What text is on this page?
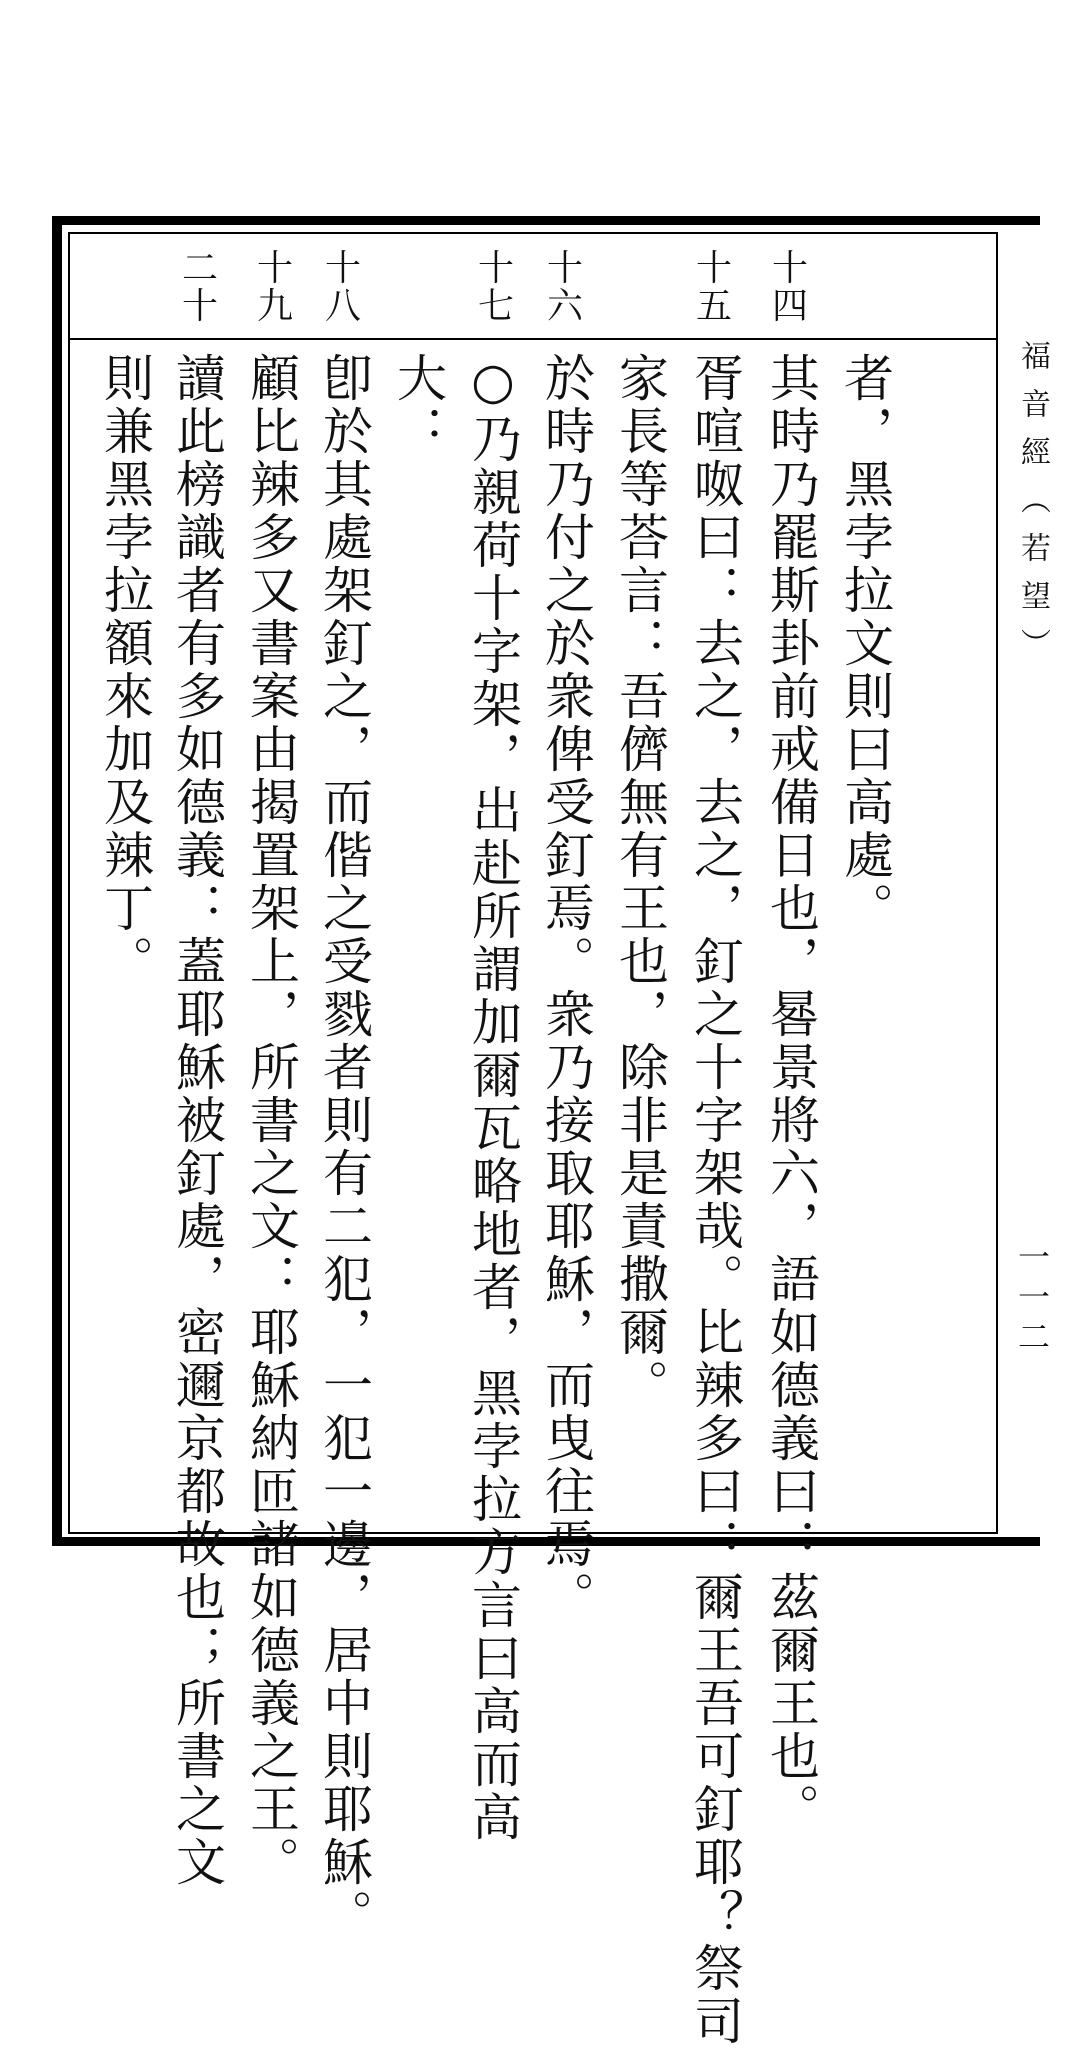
福音經（若望）
一一二
十
四
十
五
十
六
十
七
十
八
十
九
二
十
者，黑孛拉文則曰高處。
其時乃罷斯卦前戒備日也，晷景將六，語如德義曰：茲爾王也。
胥喧呶曰：去之，去之，釘之十字架哉。比辣多曰：爾王吾可釘耶？祭司
家長等荅言：吾儕無有王也，除非是責撒爾。
於時乃付之於衆俾受釘焉。衆乃接取耶穌，而曳往焉。
○乃親荷十字架，出赴所謂加爾瓦略地者，黑孛拉方言曰高而高
大：
卽於其處架釘之，而偕之受戮者則有二犯，一犯一邊，居中則耶穌。
顧比辣多又書案由揭置架上，所書之文：耶穌納匝諸如德義之王。
讀此榜識者有多如德義：蓋耶穌被釘處，密邇京都故也；所書之文
則兼黑孛拉額來加及辣丁。
